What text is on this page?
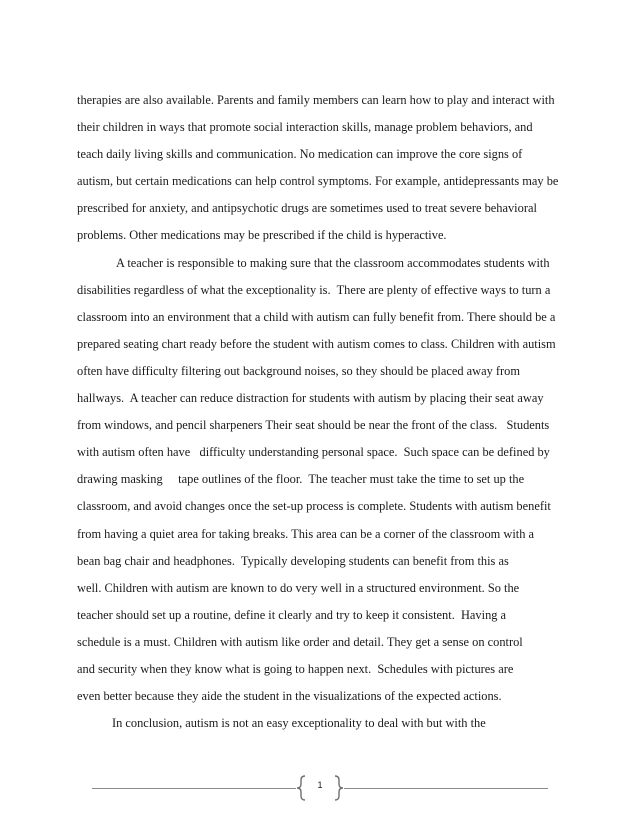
therapies are also available. Parents and family members can learn how to play and interact with
their children in ways that promote social interaction skills, manage problem behaviors, and
teach daily living skills and communication. No medication can improve the core signs of
autism, but certain medications can help control symptoms. For example, antidepressants may be
prescribed for anxiety, and antipsychotic drugs are sometimes used to treat severe behavioral
problems. Other medications may be prescribed if the child is hyperactive.
A teacher is responsible to making sure that the classroom accommodates students with
disabilities regardless of what the exceptionality is.  There are plenty of effective ways to turn a
classroom into an environment that a child with autism can fully benefit from. There should be a
prepared seating chart ready before the student with autism comes to class. Children with autism
often have difficulty filtering out background noises, so they should be placed away from
hallways.  A teacher can reduce distraction for students with autism by placing their seat away
from windows, and pencil sharpeners Their seat should be near the front of the class.   Students
with autism often have   difficulty understanding personal space.  Such space can be defined by
drawing masking     tape outlines of the floor.  The teacher must take the time to set up the
classroom, and avoid changes once the set-up process is complete. Students with autism benefit
from having a quiet area for taking breaks. This area can be a corner of the classroom with a
bean bag chair and headphones.  Typically developing students can benefit from this as
well. Children with autism are known to do very well in a structured environment. So the
teacher should set up a routine, define it clearly and try to keep it consistent.  Having a
schedule is a must. Children with autism like order and detail. They get a sense on control
and security when they know what is going to happen next.  Schedules with pictures are
even better because they aide the student in the visualizations of the expected actions.
In conclusion, autism is not an easy exceptionality to deal with but with the
1
